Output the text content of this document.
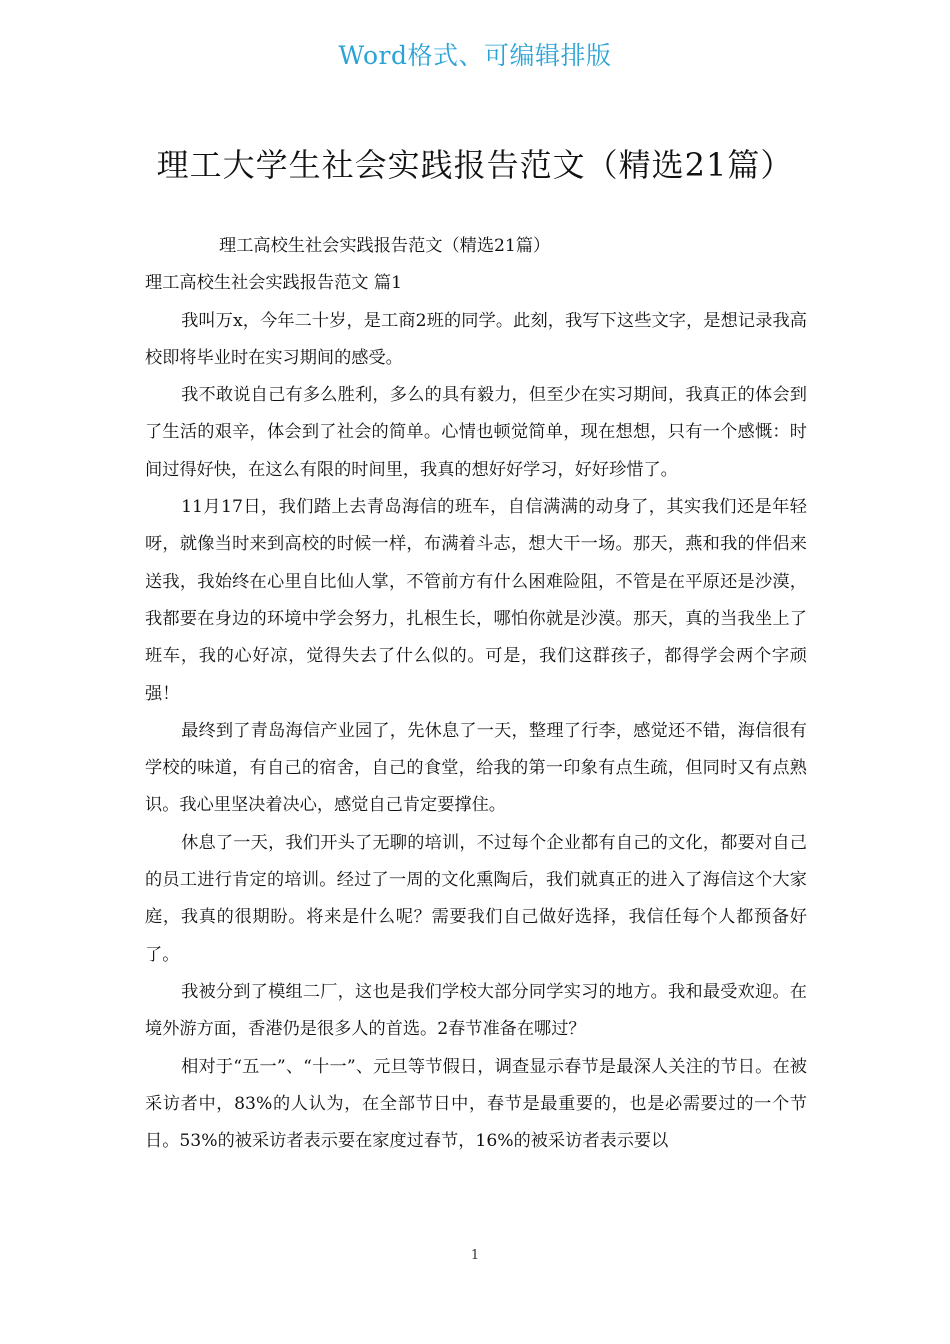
Word格式、可编辑排版
理工大学生社会实践报告范文（精选21篇）

理工高校生社会实践报告范文（精选21篇）

理工高校生社会实践报告范文 篇1

我叫万x，今年二十岁，是工商2班的同学。此刻，我写下这些文字，是想记录我高校即将毕业时在实习期间的感受。

我不敢说自己有多么胜利，多么的具有毅力，但至少在实习期间，我真正的体会到了生活的艰辛，体会到了社会的简单。心情也顿觉简单，现在想想，只有一个感慨：时间过得好快，在这么有限的时间里，我真的想好好学习，好好珍惜了。

11月17日，我们踏上去青岛海信的班车，自信满满的动身了，其实我们还是年轻呀，就像当时来到高校的时候一样，布满着斗志，想大干一场。那天，燕和我的伴侣来送我，我始终在心里自比仙人掌，不管前方有什么困难险阻，不管是在平原还是沙漠，我都要在身边的环境中学会努力，扎根生长，哪怕你就是沙漠。那天，真的当我坐上了班车，我的心好凉，觉得失去了什么似的。可是，我们这群孩子，都得学会两个字顽强！

最终到了青岛海信产业园了，先休息了一天，整理了行李，感觉还不错，海信很有学校的味道，有自己的宿舍，自己的食堂，给我的第一印象有点生疏，但同时又有点熟识。我心里坚决着决心，感觉自己肯定要撑住。

休息了一天，我们开头了无聊的培训，不过每个企业都有自己的文化，都要对自己的员工进行肯定的培训。经过了一周的文化熏陶后，我们就真正的进入了海信这个大家庭，我真的很期盼。将来是什么呢？需要我们自己做好选择，我信任每个人都预备好了。

我被分到了模组二厂，这也是我们学校大部分同学实习的地方。我和最受欢迎。在境外游方面，香港仍是很多人的首选。2春节准备在哪过？

相对于“五一”、“十一”、元旦等节假日，调查显示春节是最深人关注的节日。在被采访者中，83%的人认为，在全部节日中，春节是最重要的，也是必需要过的一个节日。53%的被采访者表示要在家度过春节，16%的被采访者表示要以

1
